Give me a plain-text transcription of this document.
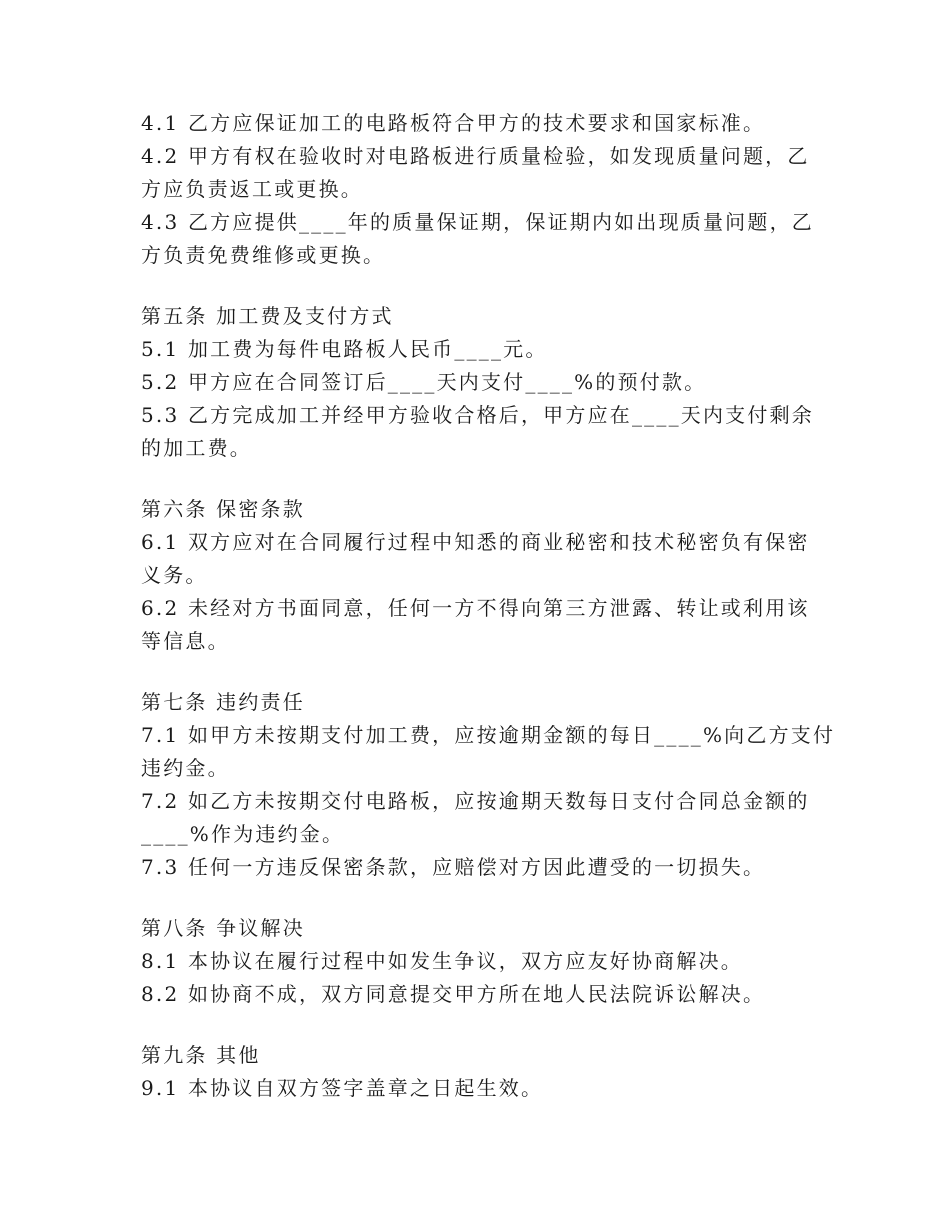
4.1 乙方应保证加工的电路板符合甲方的技术要求和国家标准。
4.2 甲方有权在验收时对电路板进行质量检验，如发现质量问题，乙
方应负责返工或更换。
4.3 乙方应提供____年的质量保证期，保证期内如出现质量问题，乙
方负责免费维修或更换。
第五条 加工费及支付方式
5.1 加工费为每件电路板人民币____元。
5.2 甲方应在合同签订后____天内支付____%的预付款。
5.3 乙方完成加工并经甲方验收合格后，甲方应在____天内支付剩余
的加工费。
第六条 保密条款
6.1 双方应对在合同履行过程中知悉的商业秘密和技术秘密负有保密
义务。
6.2 未经对方书面同意，任何一方不得向第三方泄露、转让或利用该
等信息。
第七条 违约责任
7.1 如甲方未按期支付加工费，应按逾期金额的每日____%向乙方支付
违约金。
7.2 如乙方未按期交付电路板，应按逾期天数每日支付合同总金额的
____%作为违约金。
7.3 任何一方违反保密条款，应赔偿对方因此遭受的一切损失。
第八条 争议解决
8.1 本协议在履行过程中如发生争议，双方应友好协商解决。
8.2 如协商不成，双方同意提交甲方所在地人民法院诉讼解决。
第九条 其他
9.1 本协议自双方签字盖章之日起生效。
